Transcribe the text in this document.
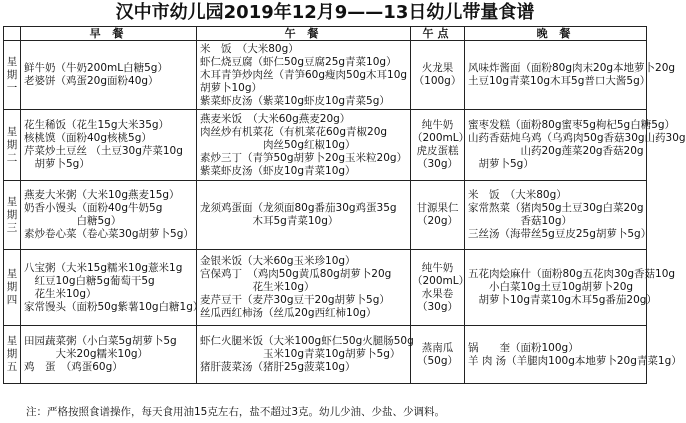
汉中市幼儿园2019年12月9——13日幼儿带量食谱
	早 餐	午 餐	午点	晚 餐
星期一	鲜牛奶（牛奶200mL白糖5g）
老婆饼（鸡蛋20g面粉40g）	米　饭　（大米80g）
虾仁烧豆腐（虾仁50g豆腐25g青菜10g）
木耳青笋炒肉丝（青笋60g瘦肉50g木耳10g
胡萝卜10g）
紫菜虾皮汤（紫菜10g虾皮10g青菜5g）	火龙果
（100g）	风味炸酱面（面粉80g肉末20g本地萝卜20g
土豆10g青菜10g木耳5g普口大酱5g）

星期二	花生稀饭（花生15g大米35g）
核桃馍（面粉40g核桃5g）
芹菜炒土豆丝 （土豆30g芹菜10g
　胡萝卜5g）	燕麦米饭　（大米60g燕麦20g）
肉丝炒有机菜花（有机菜花60g青椒20g
　　　　　　肉丝50g红椒10g）
素炒三丁（青笋50g胡萝卜20g玉米粒20g）
紫菜虾皮汤（虾皮10g青菜10g）	纯牛奶
（200mL）
虎皮蛋糕
（30g）	蜜枣发糕（面粉80g蜜枣5g枸杞5g白糖5g）
山药香菇炖乌鸡（乌鸡肉50g香菇30g山药30g
　　　　　山药20g莲菜20g香菇20g
　胡萝卜5g）

星期三	燕麦大米粥（大米10g燕麦15g）
奶香小馒头（面粉40g牛奶5g
　　　　　白糖5g）
素炒卷心菜（卷心菜30g胡萝卜5g）	龙须鸡蛋面（龙须面80g番茄30g鸡蛋35g
　　　　　木耳5g青菜10g）	甘源果仁
（20g）	米　饭　（大米80g）
家常熬菜（猪肉50g土豆30g白菜20g
　　　　　香菇10g）
三丝汤（海带丝5g豆皮25g胡萝卜5g）

星期四	八宝粥（大米15g糯米10g薏米1g
　红豆10g白糖5g葡萄干5g
　花生米10g）
家常馒头（面粉50g紫薯10g白糖1g）	金银米饭（大米60g玉米珍10g）
宫保鸡丁　（鸡肉50g黄瓜80g胡萝卜20g
　　　　　花生米10g）
麦芹豆干（麦芹30g豆干20g胡萝卜5g）
丝瓜西红柿汤（丝瓜20g西红柿10g）	纯牛奶
（200mL）
水果卷
（30g）	五花肉烩麻什（面粉80g五花肉30g香菇10g
　　小白菜10g土豆10g胡萝卜20g
　胡萝卜10g青菜10g木耳5g番茄20g）

星期五	田园蔬菜粥（小白菜5g胡萝卜5g
　　　大米20g糯米10g）
鸡　蛋　（鸡蛋60g）	虾仁火腿米饭（大米100g虾仁50g火腿肠50g
　　　　　　玉米10g青菜10g胡萝卜5g）
猪肝菠菜汤（猪肝25g菠菜10g）	蒸南瓜
（50g）	锅　　奎（面粉100g）
羊 肉 汤（羊腿肉100g本地萝卜20g青菜1g）
注：严格按照食谱操作，每天食用油15克左右，盐不超过3克。幼儿少油、少盐、少调料。
